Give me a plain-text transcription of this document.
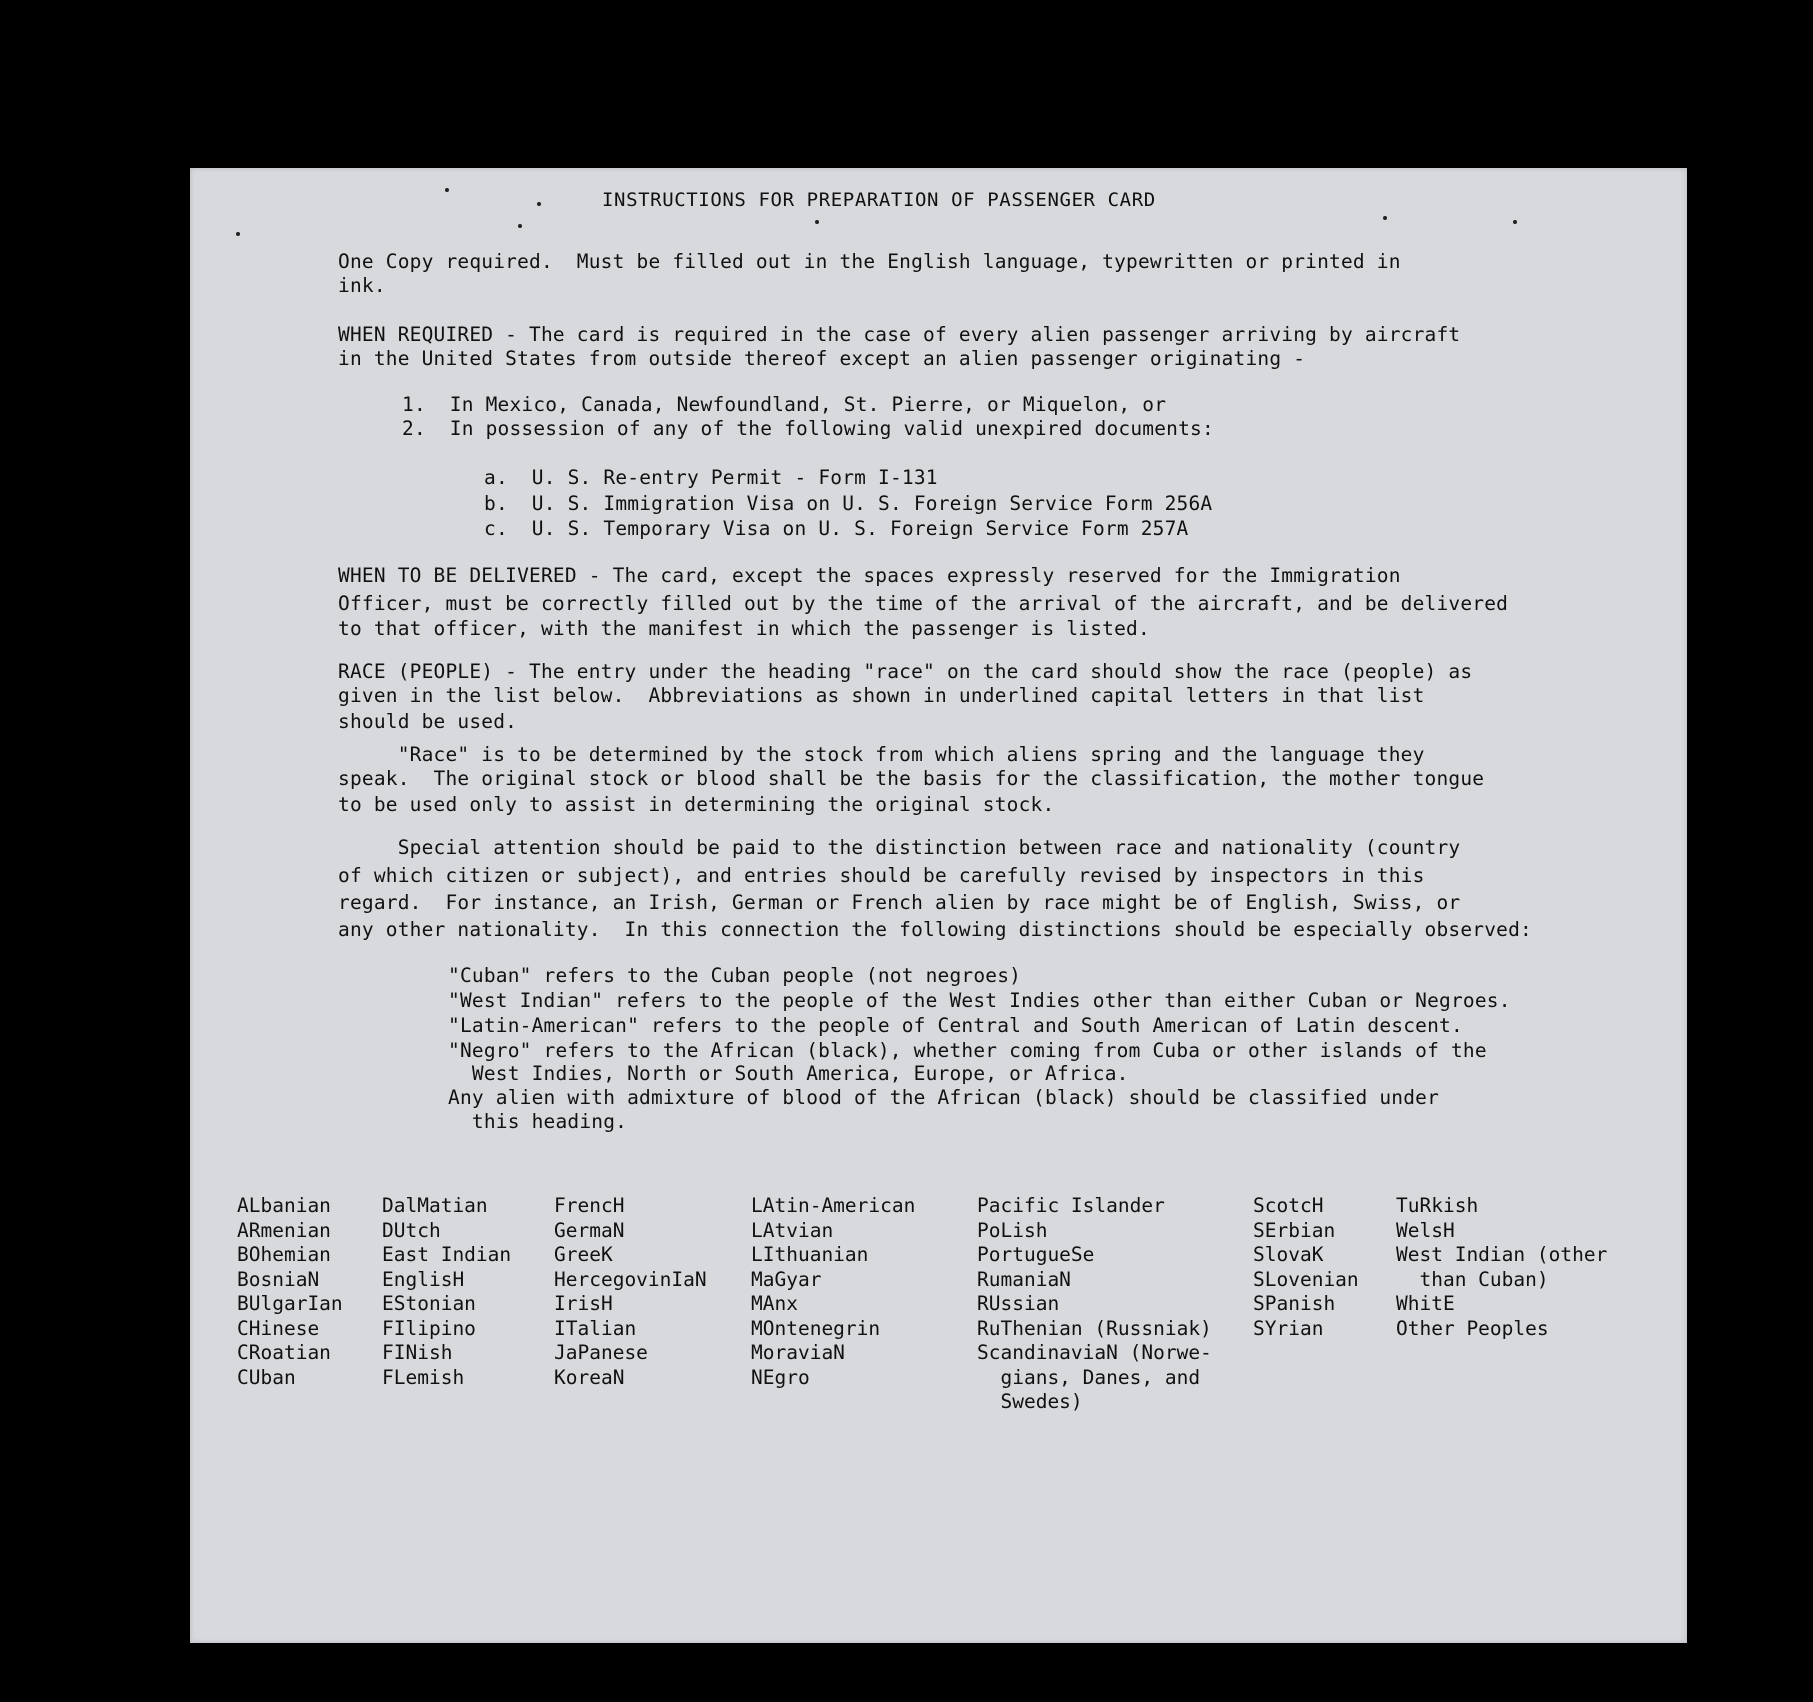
INSTRUCTIONS FOR PREPARATION OF PASSENGER CARD
One Copy required.  Must be filled out in the English language, typewritten or printed in
ink.
WHEN REQUIRED - The card is required in the case of every alien passenger arriving by aircraft
in the United States from outside thereof except an alien passenger originating -
1.  In Mexico, Canada, Newfoundland, St. Pierre, or Miquelon, or
2.  In possession of any of the following valid unexpired documents:
a.  U. S. Re-entry Permit - Form I-131
b.  U. S. Immigration Visa on U. S. Foreign Service Form 256A
c.  U. S. Temporary Visa on U. S. Foreign Service Form 257A
WHEN TO BE DELIVERED - The card, except the spaces expressly reserved for the Immigration
Officer, must be correctly filled out by the time of the arrival of the aircraft, and be delivered
to that officer, with the manifest in which the passenger is listed.
RACE (PEOPLE) - The entry under the heading "race" on the card should show the race (people) as
given in the list below.  Abbreviations as shown in underlined capital letters in that list
should be used.
"Race" is to be determined by the stock from which aliens spring and the language they
speak.  The original stock or blood shall be the basis for the classification, the mother tongue
to be used only to assist in determining the original stock.
Special attention should be paid to the distinction between race and nationality (country
of which citizen or subject), and entries should be carefully revised by inspectors in this
regard.  For instance, an Irish, German or French alien by race might be of English, Swiss, or
any other nationality.  In this connection the following distinctions should be especially observed:
"Cuban" refers to the Cuban people (not negroes)
"West Indian" refers to the people of the West Indies other than either Cuban or Negroes.
"Latin-American" refers to the people of Central and South American of Latin descent.
"Negro" refers to the African (black), whether coming from Cuba or other islands of the
West Indies, North or South America, Europe, or Africa.
Any alien with admixture of blood of the African (black) should be classified under
this heading.
ALbanian
ARmenian
BOhemian
BosniaN
BUlgarIan
CHinese
CRoatian
CUban
DalMatian
DUtch
East Indian
EnglisH
EStonian
FIlipino
FINish
FLemish
FrencH
GermaN
GreeK
HercegovinIaN
IrisH
ITalian
JaPanese
KoreaN
LAtin-American
LAtvian
LIthuanian
MaGyar
MAnx
MOntenegrin
MoraviaN
NEgro
Pacific Islander
PoLish
PortugueSe
RumaniaN
RUssian
RuThenian (Russniak)
ScandinaviaN (Norwe-
gians, Danes, and
Swedes)
ScotcH
SErbian
SlovaK
SLovenian
SPanish
SYrian
TuRkish
WelsH
West Indian (other
than Cuban)
WhitE
Other Peoples
